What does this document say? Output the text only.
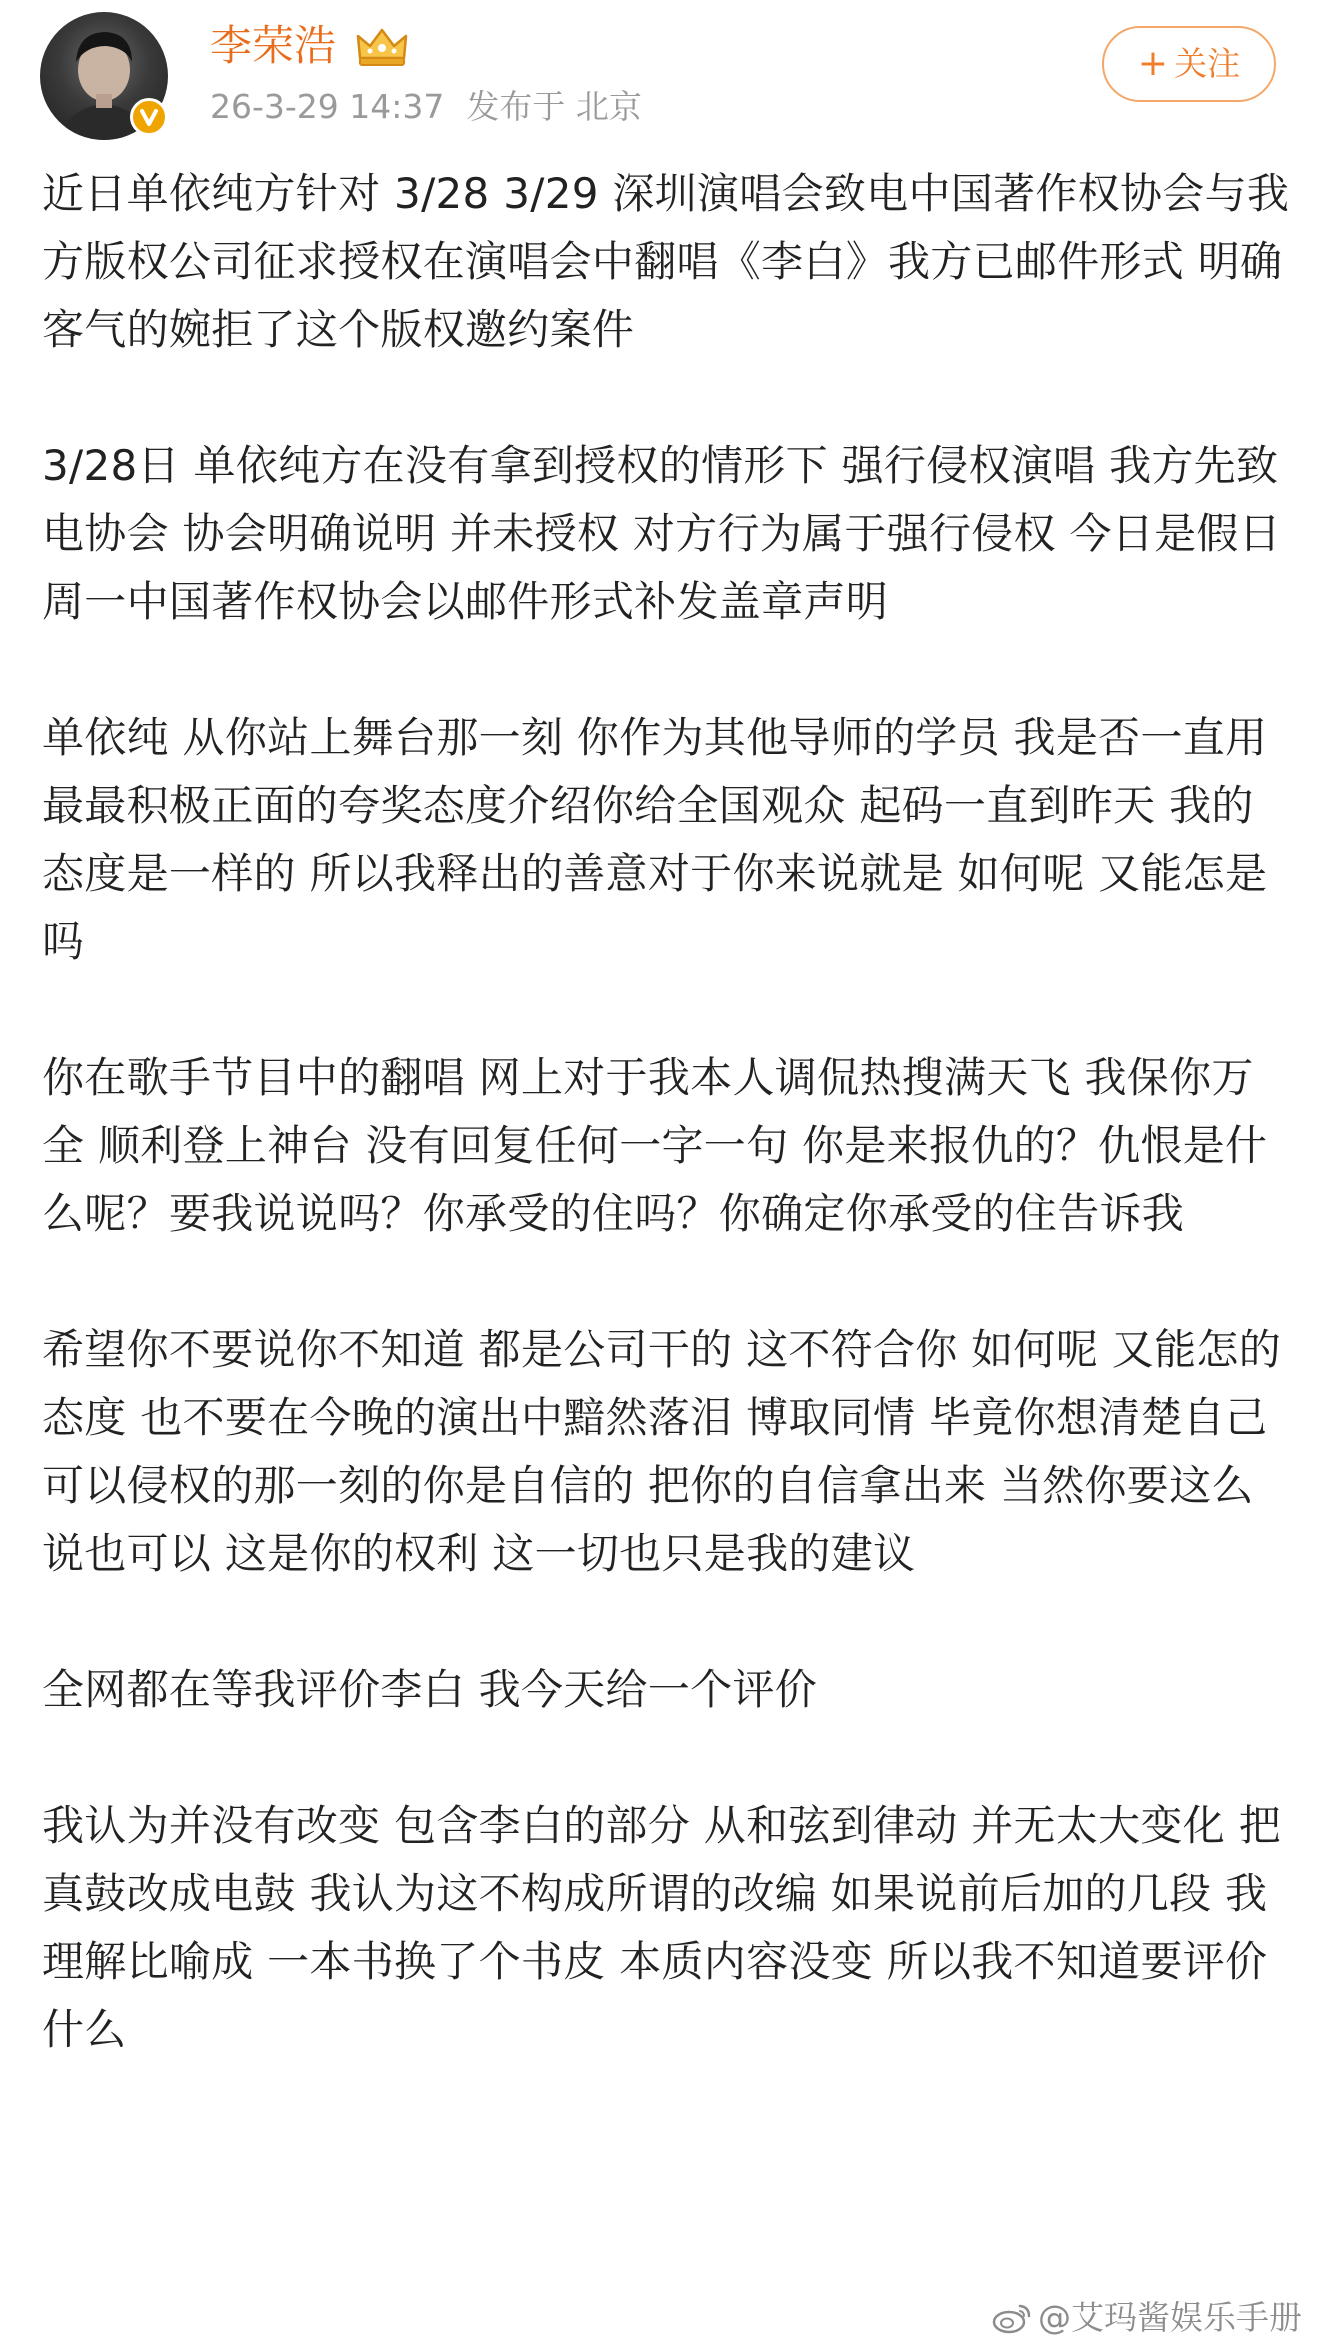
李荣浩
26-3-29 14:37 发布于 北京
+ 关注

近日单依纯方针对 3/28 3/29 深圳演唱会致电中国著作权协会与我方版权公司征求授权在演唱会中翻唱《李白》我方已邮件形式 明确 客气的婉拒了这个版权邀约案件

3/28日 单依纯方在没有拿到授权的情形下 强行侵权演唱 我方先致电协会 协会明确说明 并未授权 对方行为属于强行侵权 今日是假日 周一中国著作权协会以邮件形式补发盖章声明

单依纯 从你站上舞台那一刻 你作为其他导师的学员 我是否一直用最最积极正面的夸奖态度介绍你给全国观众 起码一直到昨天 我的态度是一样的 所以我释出的善意对于你来说就是 如何呢 又能怎是吗

你在歌手节目中的翻唱 网上对于我本人调侃热搜满天飞 我保你万全 顺利登上神台 没有回复任何一字一句 你是来报仇的？仇恨是什么呢？要我说说吗？你承受的住吗？你确定你承受的住告诉我

希望你不要说你不知道 都是公司干的 这不符合你 如何呢 又能怎的态度 也不要在今晚的演出中黯然落泪 博取同情 毕竟你想清楚自己可以侵权的那一刻的你是自信的 把你的自信拿出来 当然你要这么说也可以 这是你的权利 这一切也只是我的建议

全网都在等我评价李白 我今天给一个评价

我认为并没有改变 包含李白的部分 从和弦到律动 并无太大变化 把真鼓改成电鼓 我认为这不构成所谓的改编 如果说前后加的几段 我理解比喻成 一本书换了个书皮 本质内容没变 所以我不知道要评价什么

@艾玛酱娱乐手册
